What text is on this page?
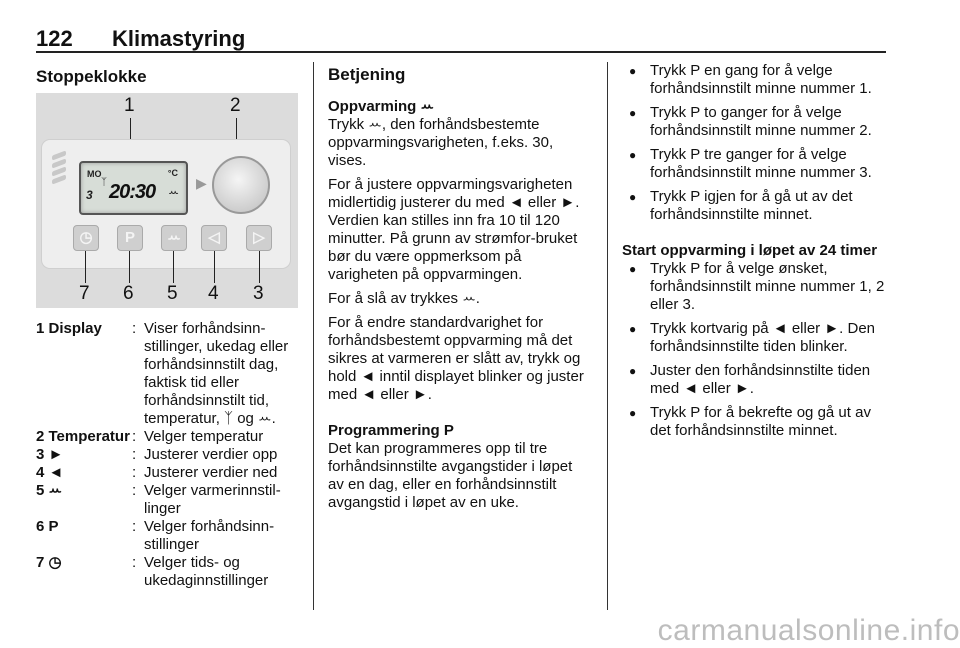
122 Klimastyring
Stoppeklokke
1	2
MO
ᛉ
°C
3 20:30 ꕀ
▶
◷	P	ꕀ	◁	▷
7 6 5 4 3
1 Display	: Viser forhåndsinn-stillinger, ukedag eller forhåndsinnstilt dag, faktisk tid eller forhåndsinnstilt tid, temperatur, ᛉ og ꕀ.
2 Temperatur : Velger temperatur
3 ►	: Justerer verdier opp
4 ◄	: Justerer verdier ned
5 ꕀ	: Velger varmerinnstil-linger
6 P	: Velger forhåndsinn-stillinger
7 ◷	: Velger tids- og ukedaginnstillinger
Betjening
Oppvarming ꕀ

Trykk ꕀ, den forhåndsbestemte oppvarmingsvarigheten, f.eks. 30, vises.

For å justere oppvarmingsvarigheten midlertidig justerer du med ◄ eller ►. Verdien kan stilles inn fra 10 til 120 minutter. På grunn av strømfor-bruket bør du være oppmerksom på varigheten på oppvarmingen.

For å slå av trykkes ꕀ.

For å endre standardvarighet for forhåndsbestemt oppvarming må det sikres at varmeren er slått av, trykk og hold ◄ inntil displayet blinker og juster med ◄ eller ►.

Programmering P

Det kan programmeres opp til tre forhåndsinnstilte avgangstider i løpet av en dag, eller en forhåndsinnstilt avgangstid i løpet av en uke.

● Trykk P en gang for å velge forhåndsinnstilt minne nummer 1.
● Trykk P to ganger for å velge forhåndsinnstilt minne nummer 2.
● Trykk P tre ganger for å velge forhåndsinnstilt minne nummer 3.
● Trykk P igjen for å gå ut av det forhåndsinnstilte minnet.
Start oppvarming i løpet av 24 timer
● Trykk P for å velge ønsket, forhåndsinnstilt minne nummer 1, 2 eller 3.
● Trykk kortvarig på ◄ eller ►. Den forhåndsinnstilte tiden blinker.
● Juster den forhåndsinnstilte tiden med ◄ eller ►.
● Trykk P for å bekrefte og gå ut av det forhåndsinnstilte minnet.
carmanualsonline.info
